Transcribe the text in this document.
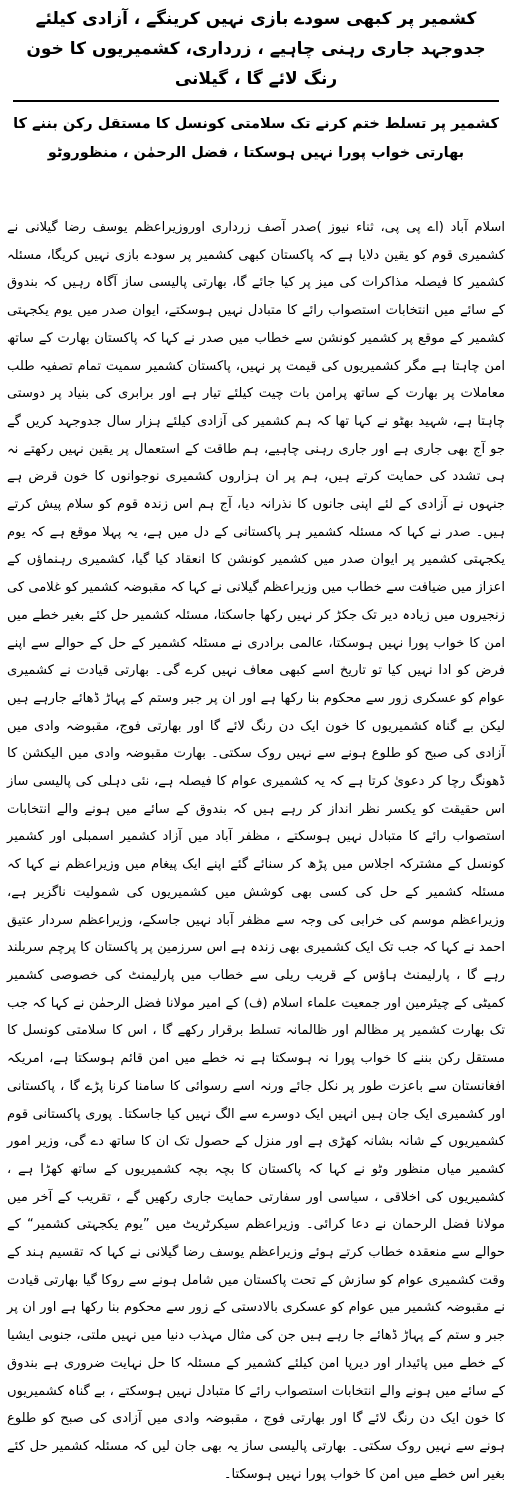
کشمیر پر کبھی سودے بازی نہیں کرینگے ، آزادی کیلئے جدوجہد جاری رہنی چاہیے ، زرداری، کشمیریوں کا خون رنگ لائے گا ، گیلانی
کشمیر پر تسلط ختم کرنے تک سلامتی کونسل کا مستقل رکن بننے کا بھارتی خواب پورا نہیں ہوسکتا ، فضل الرحمٰن ، منظوروٹو

اسلام آباد (اے پی پی، ثناء نیوز )صدر آصف زرداری اوروزیراعظم یوسف رضا گیلانی نے کشمیری قوم کو یقین دلایا ہے کہ پاکستان کبھی کشمیر پر سودے بازی نہیں کریگا، مسئلہ کشمیر کا فیصلہ مذاکرات کی میز پر کیا جائے گا، بھارتی پالیسی ساز آگاہ رہیں کہ بندوق کے سائے میں انتخابات استصواب رائے کا متبادل نہیں ہوسکتے، ایوان صدر میں یوم یکجہتی کشمیر کے موقع پر کشمیر کونشن سے خطاب میں صدر نے کہا کہ پاکستان بھارت کے ساتھ امن چاہتا ہے مگر کشمیریوں کی قیمت پر نہیں، پاکستان کشمیر سمیت تمام تصفیہ طلب معاملات پر بھارت کے ساتھ پرامن بات چیت کیلئے تیار ہے اور برابری کی بنیاد پر دوستی چاہتا ہے، شہید بھٹو نے کہا تھا کہ ہم کشمیر کی آزادی کیلئے ہزار سال جدوجہد کریں گے جو آج بھی جاری ہے اور جاری رہنی چاہیے، ہم طاقت کے استعمال پر یقین نہیں رکھتے نہ ہی تشدد کی حمایت کرتے ہیں، ہم پر ان ہزاروں کشمیری نوجوانوں کا خون قرض ہے جنہوں نے آزادی کے لئے اپنی جانوں کا نذرانہ دیا، آج ہم اس زندہ قوم کو سلام پیش کرتے ہیں۔ صدر نے کہا کہ مسئلہ کشمیر ہر پاکستانی کے دل میں ہے، یہ پہلا موقع ہے کہ یوم یکجہتی کشمیر پر ایوان صدر میں کشمیر کونشن کا انعقاد کیا گیا، کشمیری رہنماؤں کے اعزاز میں ضیافت سے خطاب میں وزیراعظم گیلانی نے کہا کہ مقبوضہ کشمیر کو غلامی کی زنجیروں میں زیادہ دیر تک جکڑ کر نہیں رکھا جاسکتا، مسئلہ کشمیر حل کئے بغیر خطے میں امن کا خواب پورا نہیں ہوسکتا، عالمی برادری نے مسئلہ کشمیر کے حل کے حوالے سے اپنے فرض کو ادا نہیں کیا تو تاریخ اسے کبھی معاف نہیں کرے گی۔ بھارتی قیادت نے کشمیری عوام کو عسکری زور سے محکوم بنا رکھا ہے اور ان پر جبر وستم کے پہاڑ ڈھائے جارہے ہیں لیکن بے گناہ کشمیریوں کا خون ایک دن رنگ لائے گا اور بھارتی فوج، مقبوضہ وادی میں آزادی کی صبح کو طلوع ہونے سے نہیں روک سکتی۔ بھارت مقبوضہ وادی میں الیکشن کا ڈھونگ رچا کر دعویٰ کرتا ہے کہ یہ کشمیری عوام کا فیصلہ ہے، نئی دہلی کی پالیسی ساز اس حقیقت کو یکسر نظر انداز کر رہے ہیں کہ بندوق کے سائے میں ہونے والے انتخابات استصواب رائے کا متبادل نہیں ہوسکتے ، مظفر آباد میں آزاد کشمیر اسمبلی اور کشمیر کونسل کے مشترکہ اجلاس میں پڑھ کر سنائے گئے اپنے ایک پیغام میں وزیراعظم نے کہا کہ مسئلہ کشمیر کے حل کی کسی بھی کوشش میں کشمیریوں کی شمولیت ناگزیر ہے، وزیراعظم موسم کی خرابی کی وجہ سے مظفر آباد نہیں جاسکے، وزیراعظم سردار عتیق احمد نے کہا کہ جب تک ایک کشمیری بھی زندہ ہے اس سرزمین پر پاکستان کا پرچم سربلند رہے گا ، پارلیمنٹ ہاؤس کے قریب ریلی سے خطاب میں پارلیمنٹ کی خصوصی کشمیر کمیٹی کے چیئرمین اور جمعیت علماء اسلام (ف) کے امیر مولانا فضل الرحمٰن نے کہا کہ جب تک بھارت کشمیر پر مظالم اور ظالمانہ تسلط برقرار رکھے گا ، اس کا سلامتی کونسل کا مستقل رکن بننے کا خواب پورا نہ ہوسکتا ہے نہ خطے میں امن قائم ہوسکتا ہے، امریکہ افغانستان سے باعزت طور پر نکل جائے ورنہ اسے رسوائی کا سامنا کرنا پڑے گا ، پاکستانی اور کشمیری ایک جان ہیں انہیں ایک دوسرے سے الگ نہیں کیا جاسکتا۔ پوری پاکستانی قوم کشمیریوں کے شانہ بشانہ کھڑی ہے اور منزل کے حصول تک ان کا ساتھ دے گی، وزیر امور کشمیر میاں منظور وٹو نے کہا کہ پاکستان کا بچہ بچہ کشمیریوں کے ساتھ کھڑا ہے ، کشمیریوں کی اخلاقی ، سیاسی اور سفارتی حمایت جاری رکھیں گے ، تقریب کے آخر میں مولانا فضل الرحمان نے دعا کرائی۔ وزیراعظم سیکرٹریٹ میں ”یوم یکجہتی کشمیر“ کے حوالے سے منعقدہ خطاب کرتے ہوئے وزیراعظم یوسف رضا گیلانی نے کہا کہ تقسیم ہند کے وقت کشمیری عوام کو سازش کے تحت پاکستان میں شامل ہونے سے روکا گیا بھارتی قیادت نے مقبوضہ کشمیر میں عوام کو عسکری بالادستی کے زور سے محکوم بنا رکھا ہے اور ان پر جبر و ستم کے پہاڑ ڈھائے جا رہے ہیں جن کی مثال مہذب دنیا میں نہیں ملتی، جنوبی ایشیا کے خطے میں پائیدار اور دیرپا امن کیلئے کشمیر کے مسئلہ کا حل نہایت ضروری ہے بندوق کے سائے میں ہونے والے انتخابات استصواب رائے کا متبادل نہیں ہوسکتے ، بے گناہ کشمیریوں کا خون ایک دن رنگ لائے گا اور بھارتی فوج ، مقبوضہ وادی میں آزادی کی صبح کو طلوع ہونے سے نہیں روک سکتی۔ بھارتی پالیسی ساز یہ بھی جان لیں کہ مسئلہ کشمیر حل کئے بغیر اس خطے میں امن کا خواب پورا نہیں ہوسکتا۔
